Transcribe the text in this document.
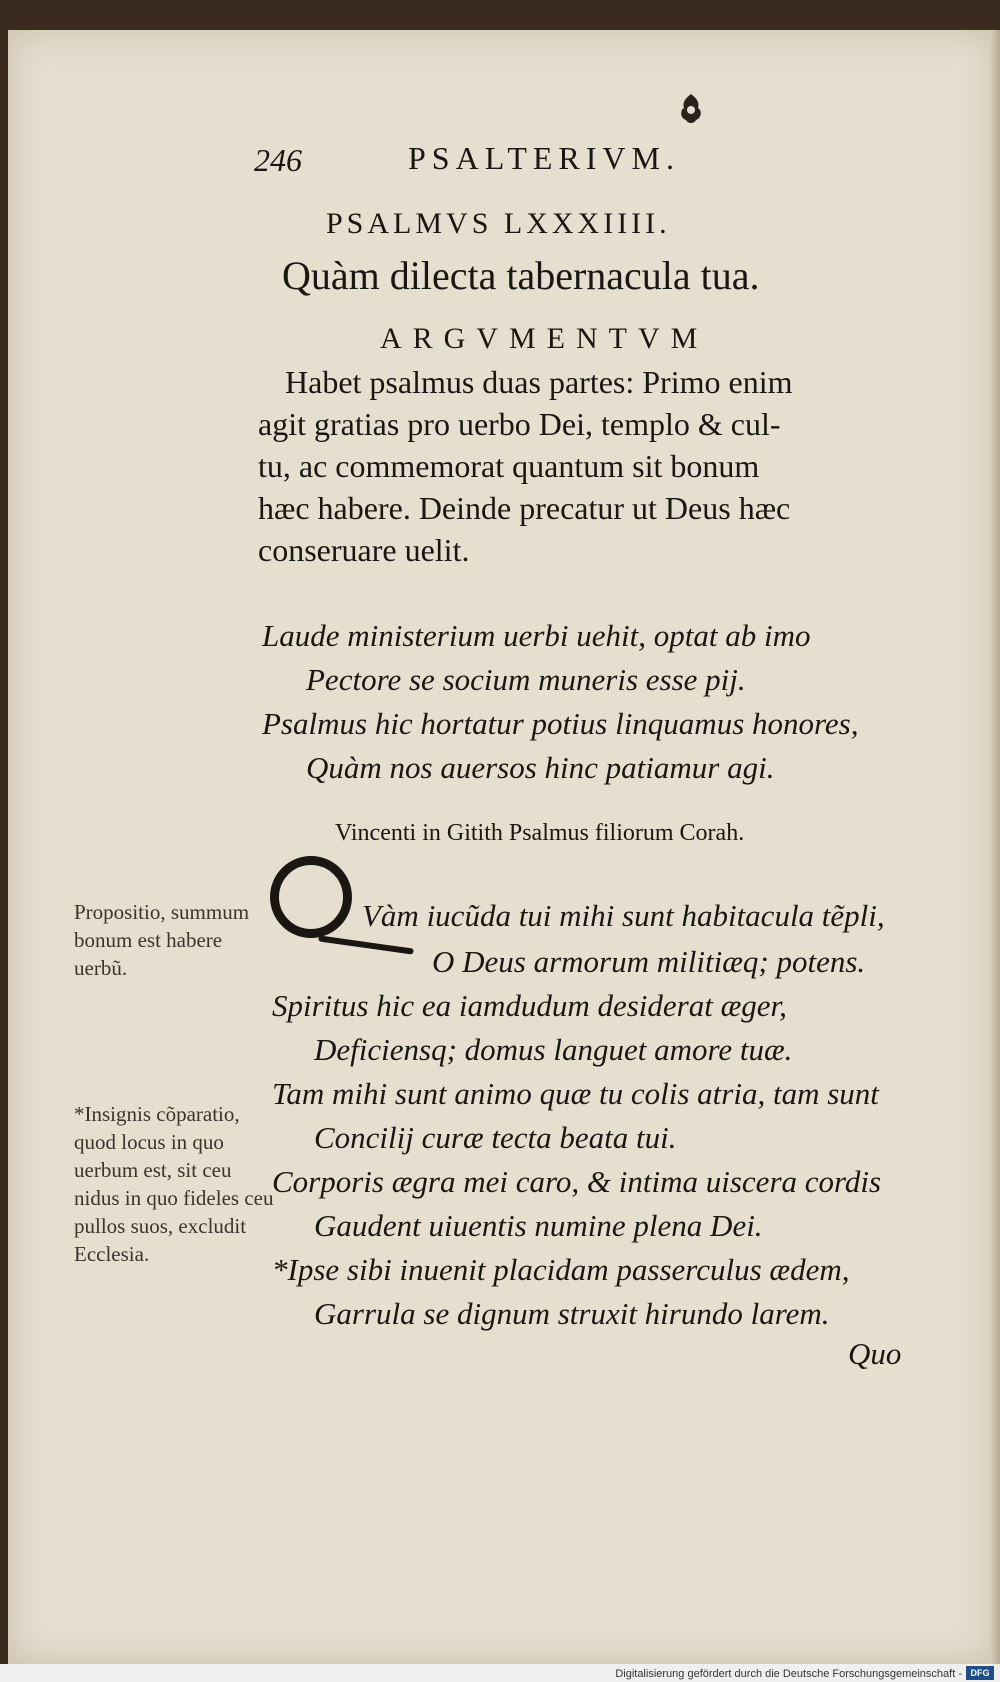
246	PSALTERIVM.
PSALMVS LXXXIIII.
Quàm dilecta tabernacula tua.
ARGVMENTVM
Habet psalmus duas partes: Primo enim
agit gratias pro uerbo Dei, templo & cul-
tu, ac commemorat quantum sit bonum
hæc habere. Deinde precatur ut Deus hæc
conseruare uelit.
Laude ministerium uerbi uehit, optat ab imo
Pectore se socium muneris esse pij.
Psalmus hic hortatur potius linquamus honores,
Quàm nos auersos hinc patiamur agi.
Vincenti in Gitith Psalmus filiorum Corah.
Vàm iucũda tui mihi sunt habitacula tẽpli,
O Deus armorum militiæq; potens.
Spiritus hic ea iamdudum desiderat æger,
Deficiensq; domus languet amore tuæ.
Tam mihi sunt animo quæ tu colis atria, tam sunt
Concilij curæ tecta beata tui.
Corporis ægra mei caro, & intima uiscera cordis
Gaudent uiuentis numine plena Dei.
*Ipse sibi inuenit placidam passerculus ædem,
Garrula se dignum struxit hirundo larem.
Quo
Propositio, summum bonum est habere uerbũ.
*Insignis cõparatio, quod locus in quo uerbum est, sit ceu nidus in quo fideles ceu pullos suos, excludit Ecclesia.
Digitalisierung gefördert durch die Deutsche Forschungsgemeinschaft - DFG
